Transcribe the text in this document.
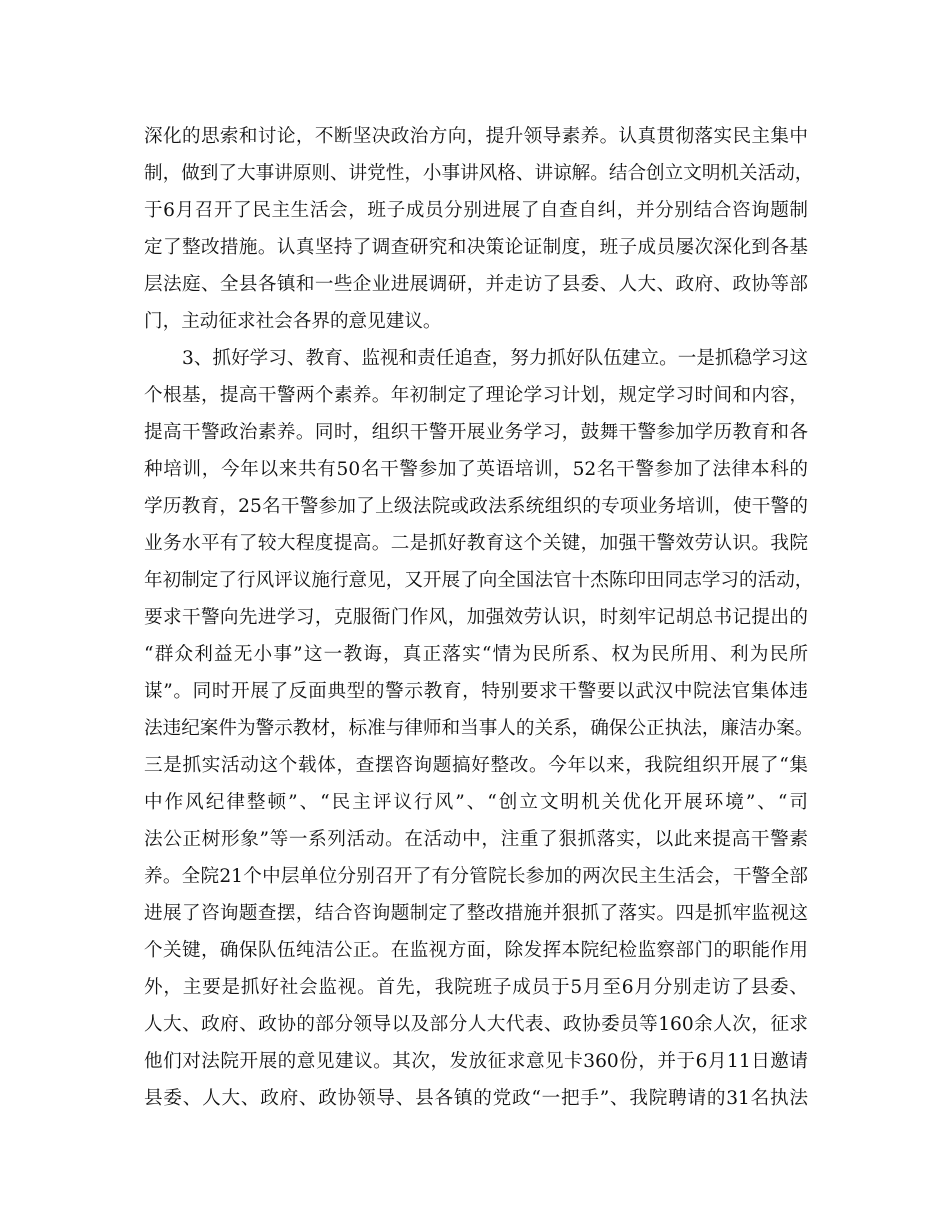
深化的思索和讨论，不断坚决政治方向，提升领导素养。认真贯彻落实民主集中
制，做到了大事讲原则、讲党性，小事讲风格、讲谅解。结合创立文明机关活动，
于6月召开了民主生活会，班子成员分别进展了自查自纠，并分别结合咨询题制
定了整改措施。认真坚持了调查研究和决策论证制度，班子成员屡次深化到各基
层法庭、全县各镇和一些企业进展调研，并走访了县委、人大、政府、政协等部
门，主动征求社会各界的意见建议。
3、抓好学习、教育、监视和责任追查，努力抓好队伍建立。一是抓稳学习这
个根基，提高干警两个素养。年初制定了理论学习计划，规定学习时间和内容，
提高干警政治素养。同时，组织干警开展业务学习，鼓舞干警参加学历教育和各
种培训，今年以来共有50名干警参加了英语培训，52名干警参加了法律本科的
学历教育，25名干警参加了上级法院或政法系统组织的专项业务培训，使干警的
业务水平有了较大程度提高。二是抓好教育这个关键，加强干警效劳认识。我院
年初制定了行风评议施行意见，又开展了向全国法官十杰陈印田同志学习的活动，
要求干警向先进学习，克服衙门作风，加强效劳认识，时刻牢记胡总书记提出的
“群众利益无小事”这一教诲，真正落实“情为民所系、权为民所用、利为民所
谋”。同时开展了反面典型的警示教育，特别要求干警要以武汉中院法官集体违
法违纪案件为警示教材，标准与律师和当事人的关系，确保公正执法，廉洁办案。
三是抓实活动这个载体，查摆咨询题搞好整改。今年以来，我院组织开展了“集
中作风纪律整顿”、“民主评议行风”、“创立文明机关优化开展环境”、“司
法公正树形象”等一系列活动。在活动中，注重了狠抓落实，以此来提高干警素
养。全院21个中层单位分别召开了有分管院长参加的两次民主生活会，干警全部
进展了咨询题查摆，结合咨询题制定了整改措施并狠抓了落实。四是抓牢监视这
个关键，确保队伍纯洁公正。在监视方面，除发挥本院纪检监察部门的职能作用
外，主要是抓好社会监视。首先，我院班子成员于5月至6月分别走访了县委、
人大、政府、政协的部分领导以及部分人大代表、政协委员等160余人次，征求
他们对法院开展的意见建议。其次，发放征求意见卡360份，并于6月11日邀请
县委、人大、政府、政协领导、县各镇的党政“一把手”、我院聘请的31名执法
